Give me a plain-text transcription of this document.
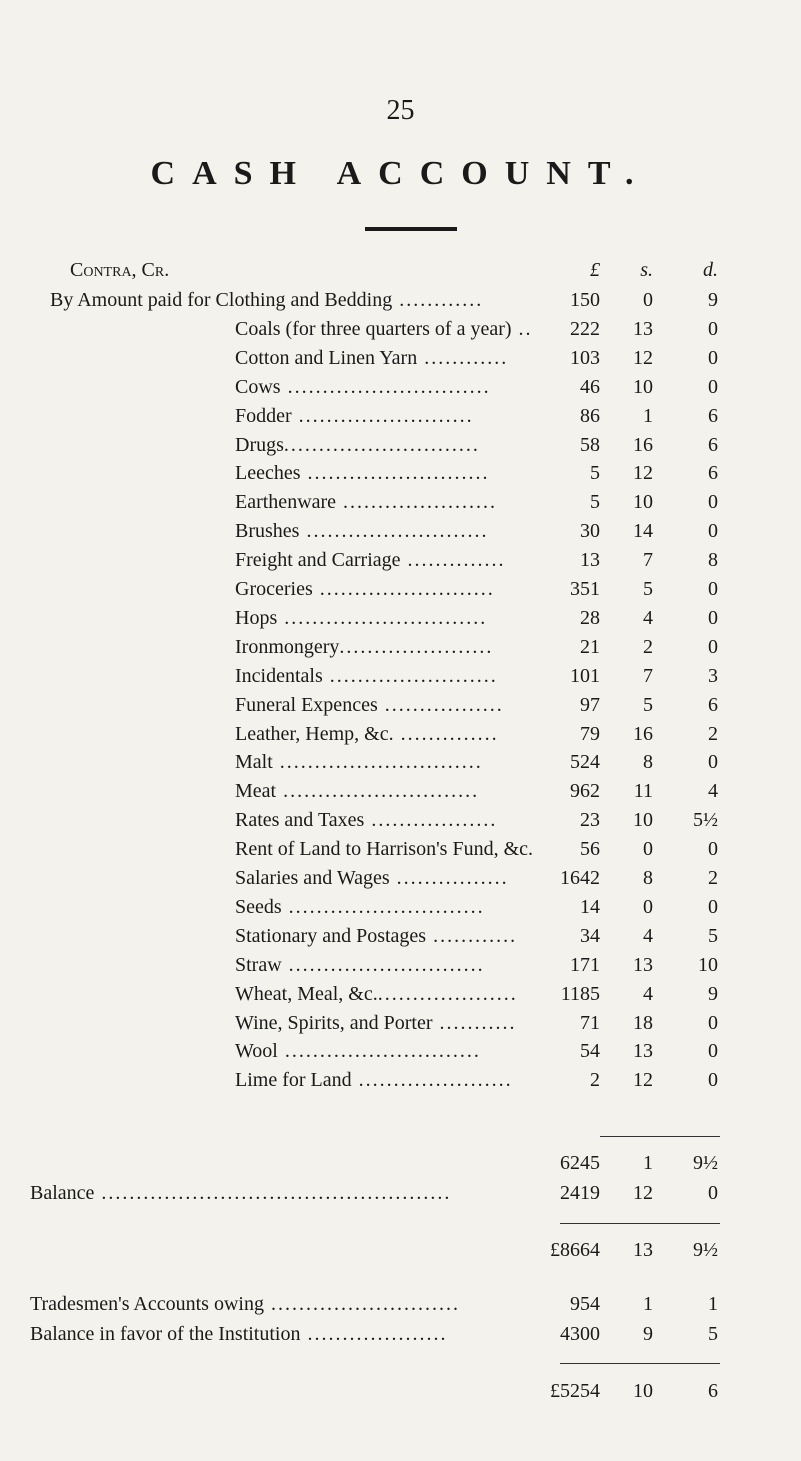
25
CASH ACCOUNT.
Contra, Cr.	£	s.	d.
By Amount paid for Clothing and Bedding ............	150	0	9
Coals (for three quarters of a year) ..	222	13	0
Cotton and Linen Yarn ............	103	12	0
Cows .............................	46	10	0
Fodder .........................	86	1	6
Drugs............................	58	16	6
Leeches ..........................	5	12	6
Earthenware ......................	5	10	0
Brushes ..........................	30	14	0
Freight and Carriage ..............	13	7	8
Groceries .........................	351	5	0
Hops .............................	28	4	0
Ironmongery......................	21	2	0
Incidentals ........................	101	7	3
Funeral Expences .................	97	5	6
Leather, Hemp, &c. ..............	79	16	2
Malt .............................	524	8	0
Meat ............................	962	11	4
Rates and Taxes ..................	23	10	5½
Rent of Land to Harrison's Fund, &c.	56	0	0
Salaries and Wages ................	1642	8	2
Seeds ............................	14	0	0
Stationary and Postages ............	34	4	5
Straw ............................	171	13	10
Wheat, Meal, &c.....................	1185	4	9
Wine, Spirits, and Porter ...........	71	18	0
Wool ............................	54	13	0
Lime for Land ......................	2	12	0
6245	1	9½
Balance ..................................................	2419	12	0
£8664	13	9½
Tradesmen's Accounts owing ...........................	954	1	1
Balance in favor of the Institution ....................	4300	9	5
£5254	10	6
